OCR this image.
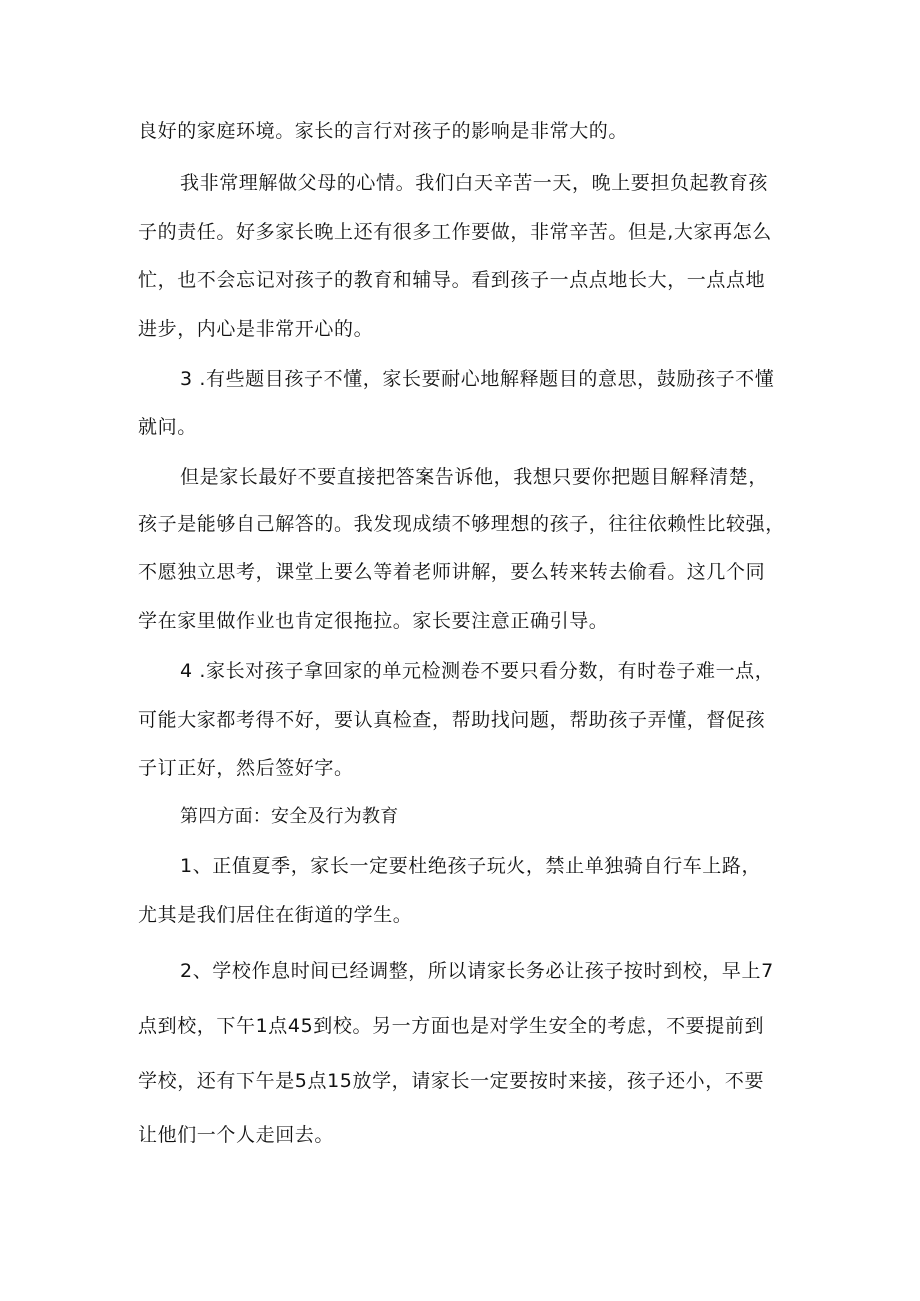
良好的家庭环境。家长的言行对孩子的影响是非常大的。
我非常理解做父母的心情。我们白天辛苦一天，晚上要担负起教育孩
子的责任。好多家长晚上还有很多工作要做，非常辛苦。但是,大家再怎么
忙，也不会忘记对孩子的教育和辅导。看到孩子一点点地长大，一点点地
进步，内心是非常开心的。
3 .有些题目孩子不懂，家长要耐心地解释题目的意思，鼓励孩子不懂
就问。
但是家长最好不要直接把答案告诉他，我想只要你把题目解释清楚，
孩子是能够自己解答的。我发现成绩不够理想的孩子，往往依赖性比较强，
不愿独立思考，课堂上要么等着老师讲解，要么转来转去偷看。这几个同
学在家里做作业也肯定很拖拉。家长要注意正确引导。
4 .家长对孩子拿回家的单元检测卷不要只看分数，有时卷子难一点，
可能大家都考得不好，要认真检查，帮助找问题，帮助孩子弄懂，督促孩
子订正好，然后签好字。
第四方面：安全及行为教育
1、正值夏季，家长一定要杜绝孩子玩火，禁止单独骑自行车上路，
尤其是我们居住在街道的学生。
2、学校作息时间已经调整，所以请家长务必让孩子按时到校，早上7
点到校，下午1点45到校。另一方面也是对学生安全的考虑，不要提前到
学校，还有下午是5点15放学，请家长一定要按时来接，孩子还小，不要
让他们一个人走回去。
